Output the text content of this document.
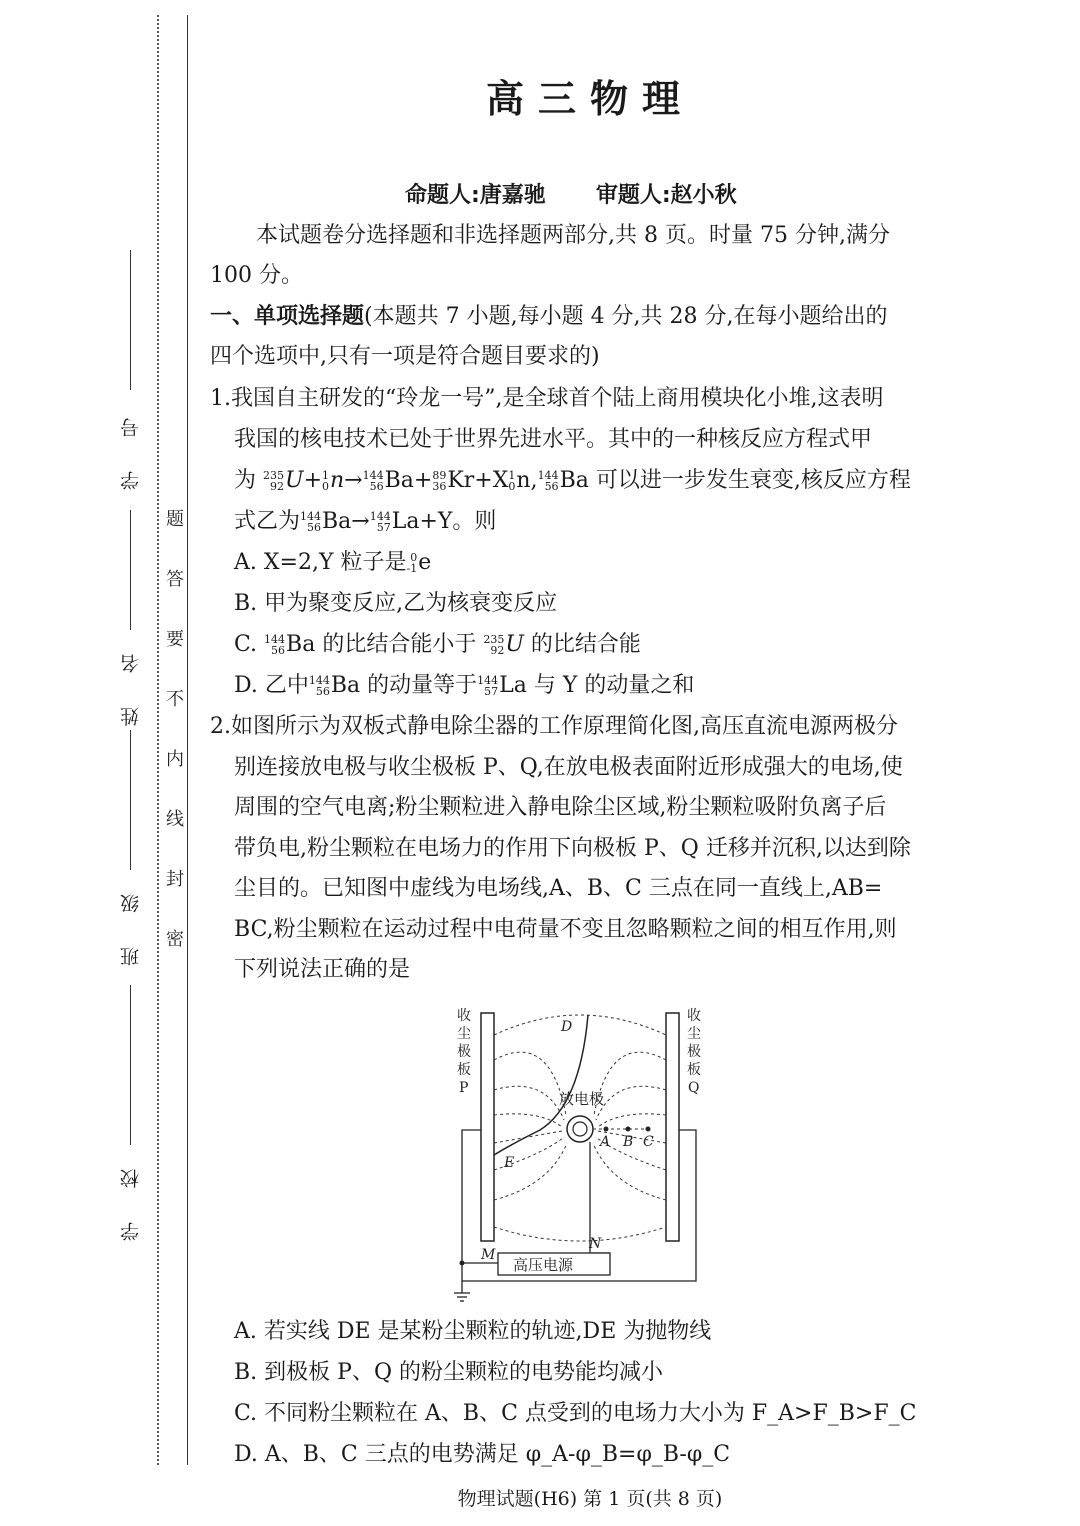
学 号
姓 名
班 级
学 校
题
答
要
不
内
线
封
密
高三物理
命题人:唐嘉驰 审题人:赵小秋
本试题卷分选择题和非选择题两部分,共 8 页。时量 75 分钟,满分
100 分。
一、单项选择题(本题共 7 小题,每小题 4 分,共 28 分,在每小题给出的
四个选项中,只有一项是符合题目要求的)
1.我国自主研发的“玲龙一号”,是全球首个陆上商用模块化小堆,这表明
我国的核电技术已处于世界先进水平。其中的一种核反应方程式甲
为 235
92 U+ 1
0 n→ 144
56 Ba+ 89
36 Kr+X 1
0 n, 144
56 Ba 可以进一步发生衰变,核反应方程
式乙为 144
56 Ba→ 144
57 La+Y。则
A. X=2,Y 粒子是 0
-1 e
B. 甲为聚变反应,乙为核衰变反应
C. 144
56 Ba 的比结合能小于 235
92 U 的比结合能
D. 乙中 144
56 Ba 的动量等于 144
57 La 与 Y 的动量之和
2.如图所示为双板式静电除尘器的工作原理简化图,高压直流电源两极分
别连接放电极与收尘极板 P、Q,在放电极表面附近形成强大的电场,使
周围的空气电离;粉尘颗粒进入静电除尘区域,粉尘颗粒吸附负离子后
带负电,粉尘颗粒在电场力的作用下向极板 P、Q 迁移并沉积,以达到除
尘目的。已知图中虚线为电场线,A、B、C 三点在同一直线上,AB=
BC,粉尘颗粒在运动过程中电荷量不变且忽略颗粒之间的相互作用,则
下列说法正确的是
收
尘
极
板
P
收
尘
极
板
Q
放电极
A B C
D
E
M
N
高压电源
A. 若实线 DE 是某粉尘颗粒的轨迹,DE 为抛物线
B. 到极板 P、Q 的粉尘颗粒的电势能均减小
C. 不同粉尘颗粒在 A、B、C 点受到的电场力大小为 F_A>F_B>F_C
D. A、B、C 三点的电势满足 φ_A-φ_B=φ_B-φ_C
物理试题(H6) 第 1 页(共 8 页)
